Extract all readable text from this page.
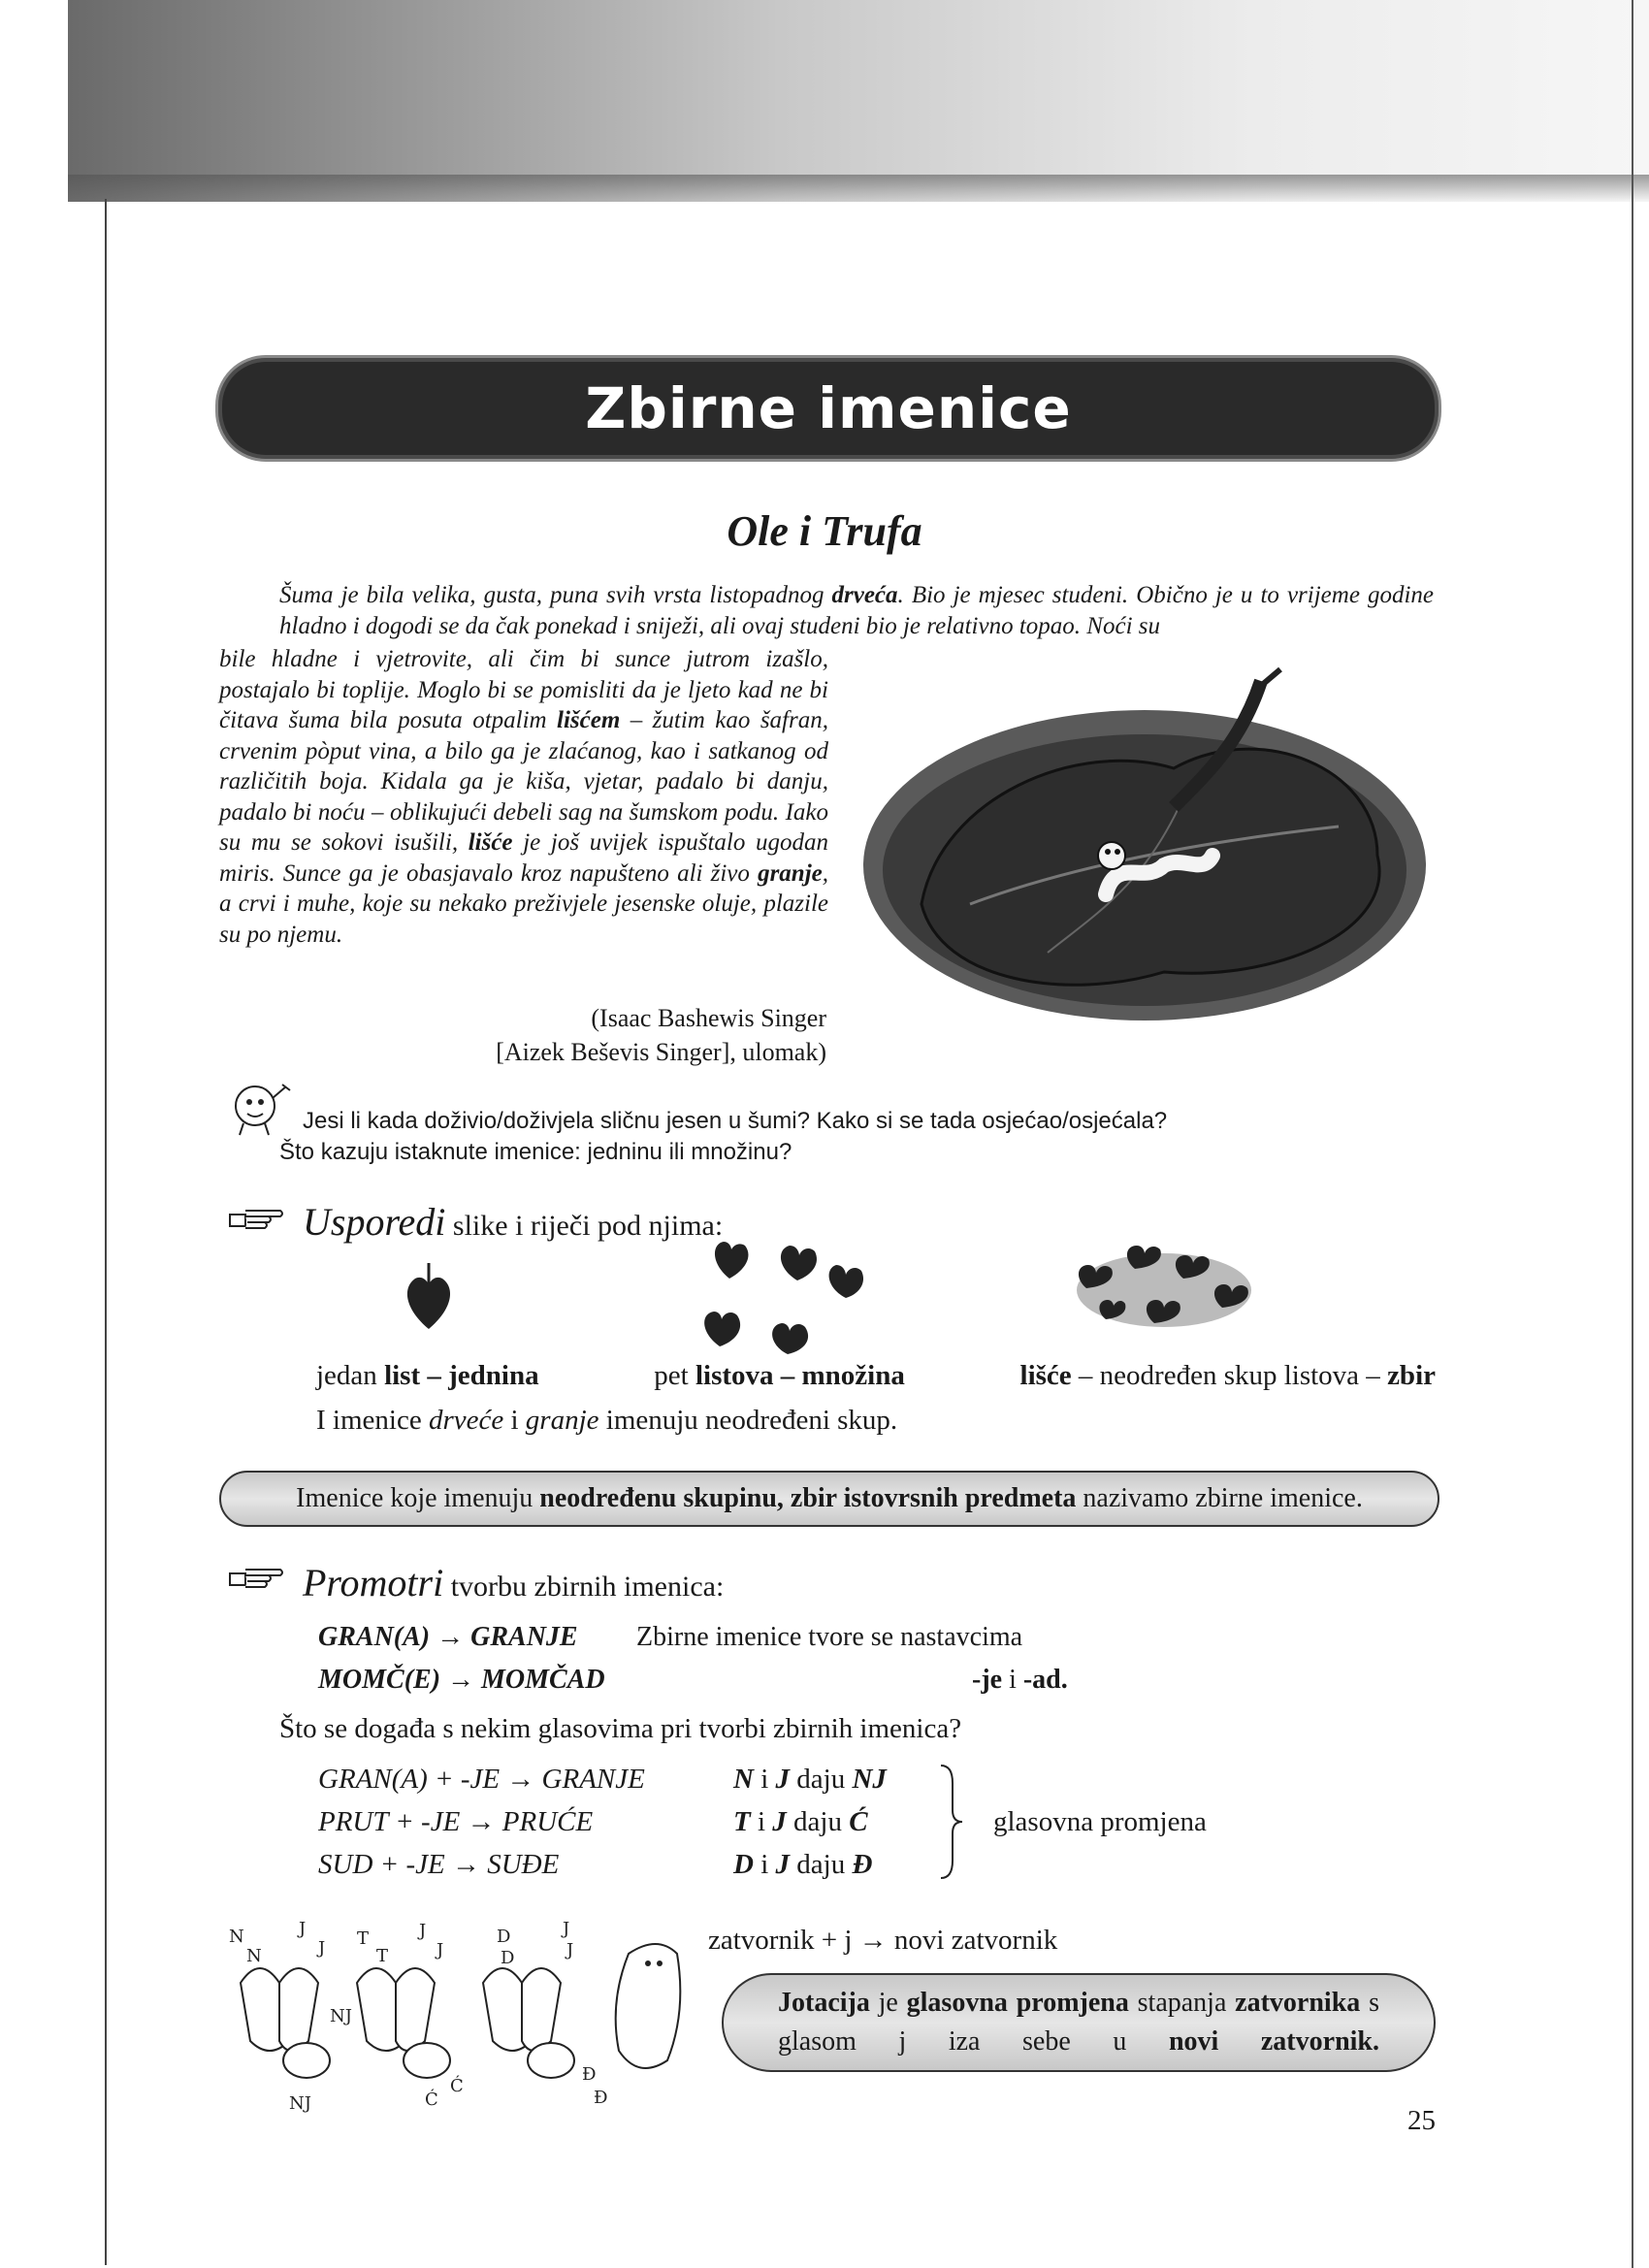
Zbirne imenice
Ole i Trufa
Šuma je bila velika, gusta, puna svih vrsta listopadnog drveća. Bio je mjesec studeni. Obično je u to vrijeme godine hladno i dogodi se da čak ponekad i sniježi, ali ovaj studeni bio je relativno topao. Noći su
bile hladne i vjetrovite, ali čim bi sunce jutrom izašlo, postajalo bi toplije. Moglo bi se pomisliti da je ljeto kad ne bi čitava šuma bila posuta otpalim lišćem – žutim kao šafran, crvenim pòput vina, a bilo ga je zlaćanog, kao i satkanog od različitih boja. Kidala ga je kiša, vjetar, padalo bi danju, padalo bi noću – oblikujući debeli sag na šumskom podu. Iako su mu se sokovi isušili, lišće je još uvijek ispuštalo ugodan miris. Sunce ga je obasjavalo kroz napušteno ali živo granje, a crvi i muhe, koje su nekako preživjele jesenske oluje, plazile su po njemu.
(Isaac Bashewis Singer
[Aizek Beševis Singer], ulomak)
Jesi li kada doživio/doživjela sličnu jesen u šumi? Kako si se tada osjećao/osjećala?
Što kazuju istaknute imenice: jedninu ili množinu?
Usporedi slike i riječi pod njima:
jedan list – jednina	pet listova – množina	lišće – neodređen skup listova – zbir
I imenice drveće i granje imenuju neodređeni skup.
Imenice koje imenuju neodređenu skupinu, zbir istovrsnih predmeta nazivamo zbirne imenice.
Promotri tvorbu zbirnih imenica:
GRAN(A) → GRANJE
MOMČ(E) → MOMČAD
Zbirne imenice tvore se nastavcima
-je i -ad.
Što se događa s nekim glasovima pri tvorbi zbirnih imenica?
GRAN(A) + -JE → GRANJE
PRUT + -JE → PRUĆE
SUD + -JE → SUĐE
N i J daju NJ
T i J daju Ć
D i J daju Đ
glasovna promjena
N
N
J
J
NJ
NJ
T
T
J
J
Ć
Ć
D
D
J
J
Đ
Đ
zatvornik + j → novi zatvornik
Jotacija je glasovna promjena stapanja zatvornika s glasom j iza sebe u novi zatvornik.
25
